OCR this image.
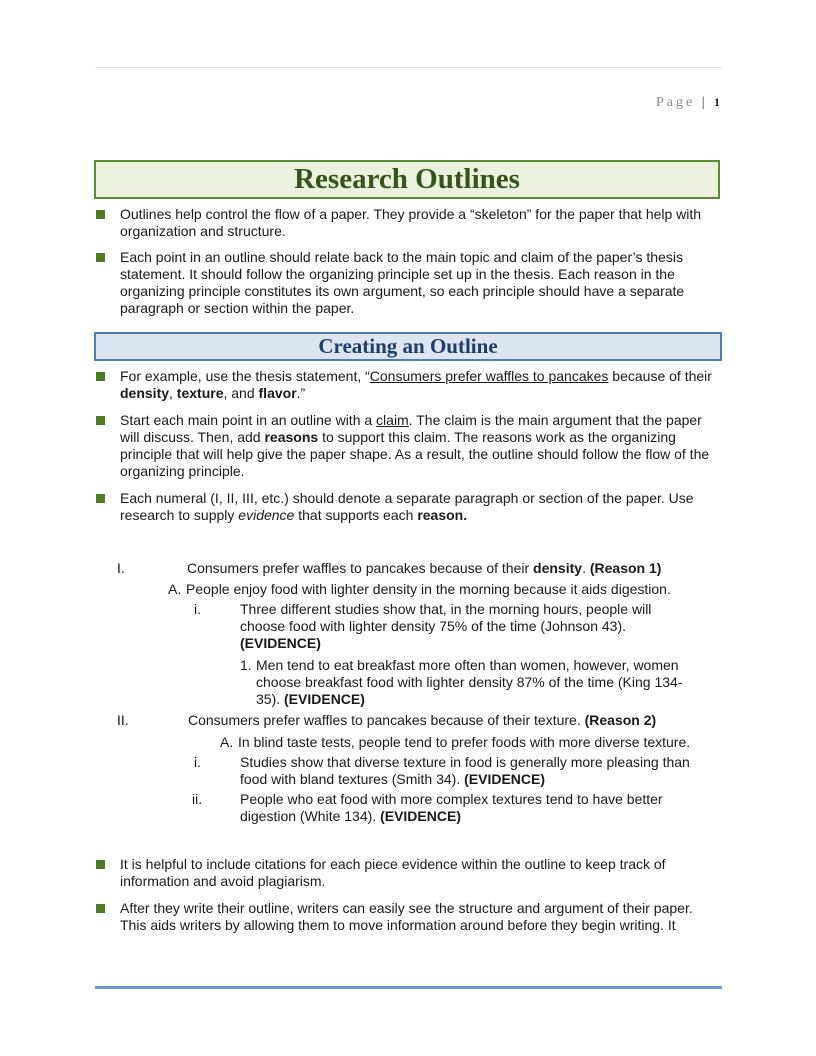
Page | 1
Research Outlines
Outlines help control the flow of a paper. They provide a “skeleton” for the paper that help with organization and structure.
Each point in an outline should relate back to the main topic and claim of the paper’s thesis statement. It should follow the organizing principle set up in the thesis. Each reason in the organizing principle constitutes its own argument, so each principle should have a separate paragraph or section within the paper.
Creating an Outline
For example, use the thesis statement, “Consumers prefer waffles to pancakes because of their density, texture, and flavor.”
Start each main point in an outline with a claim. The claim is the main argument that the paper will discuss. Then, add reasons to support this claim. The reasons work as the organizing principle that will help give the paper shape. As a result, the outline should follow the flow of the organizing principle.
Each numeral (I, II, III, etc.) should denote a separate paragraph or section of the paper. Use research to supply evidence that supports each reason.
I.	Consumers prefer waffles to pancakes because of their density. (Reason 1)
A. People enjoy food with lighter density in the morning because it aids digestion.
i.	Three different studies show that, in the morning hours, people will choose food with lighter density 75% of the time (Johnson 43). (EVIDENCE)
1. Men tend to eat breakfast more often than women, however, women choose breakfast food with lighter density 87% of the time (King 134-35). (EVIDENCE)
II.	Consumers prefer waffles to pancakes because of their texture. (Reason 2)
A. In blind taste tests, people tend to prefer foods with more diverse texture.
i.	Studies show that diverse texture in food is generally more pleasing than food with bland textures (Smith 34). (EVIDENCE)
ii.	People who eat food with more complex textures tend to have better digestion (White 134). (EVIDENCE)
It is helpful to include citations for each piece evidence within the outline to keep track of information and avoid plagiarism.
After they write their outline, writers can easily see the structure and argument of their paper. This aids writers by allowing them to move information around before they begin writing. It
